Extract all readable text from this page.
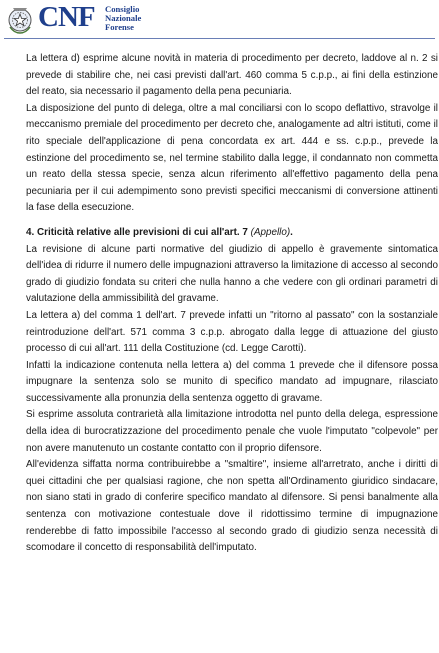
CNF Consiglio
Nazionale
Forense

La lettera d) esprime alcune novità in materia di procedimento per decreto, laddove al n. 2 si prevede di stabilire che, nei casi previsti dall'art. 460 comma 5 c.p.p., ai fini della estinzione del reato, sia necessario il pagamento della pena pecuniaria.

La disposizione del punto di delega, oltre a mal conciliarsi con lo scopo deflattivo, stravolge il meccanismo premiale del procedimento per decreto che, analogamente ad altri istituti, come il rito speciale dell'applicazione di pena concordata ex art. 444 e ss. c.p.p., prevede la estinzione del procedimento se, nel termine stabilito dalla legge, il condannato non commetta un reato della stessa specie, senza alcun riferimento all'effettivo pagamento della pena pecuniaria per il cui adempimento sono previsti specifici meccanismi di conversione attinenti la fase della esecuzione.

4. Criticità relative alle previsioni di cui all'art. 7 (Appello).

La revisione di alcune parti normative del giudizio di appello è gravemente sintomatica dell'idea di ridurre il numero delle impugnazioni attraverso la limitazione di accesso al secondo grado di giudizio fondata su criteri che nulla hanno a che vedere con gli ordinari parametri di valutazione della ammissibilità del gravame.

La lettera a) del comma 1 dell'art. 7 prevede infatti un "ritorno al passato" con la sostanziale reintroduzione dell'art. 571 comma 3 c.p.p. abrogato dalla legge di attuazione del giusto processo di cui all'art. 111 della Costituzione (cd. Legge Carotti).

Infatti la indicazione contenuta nella lettera a) del comma 1 prevede che il difensore possa impugnare la sentenza solo se munito di specifico mandato ad impugnare, rilasciato successivamente alla pronunzia della sentenza oggetto di gravame.

Si esprime assoluta contrarietà alla limitazione introdotta nel punto della delega, espressione della idea di burocratizzazione del procedimento penale che vuole l'imputato "colpevole" per non avere manutenuto un costante contatto con il proprio difensore.

All'evidenza siffatta norma contribuirebbe a "smaltire", insieme all'arretrato, anche i diritti di quei cittadini che per qualsiasi ragione, che non spetta all'Ordinamento giuridico sindacare, non siano stati in grado di conferire specifico mandato al difensore. Si pensi banalmente alla sentenza con motivazione contestuale dove il ridottissimo termine di impugnazione renderebbe di fatto impossibile l'accesso al secondo grado di giudizio senza necessità di scomodare il concetto di responsabilità dell'imputato.
